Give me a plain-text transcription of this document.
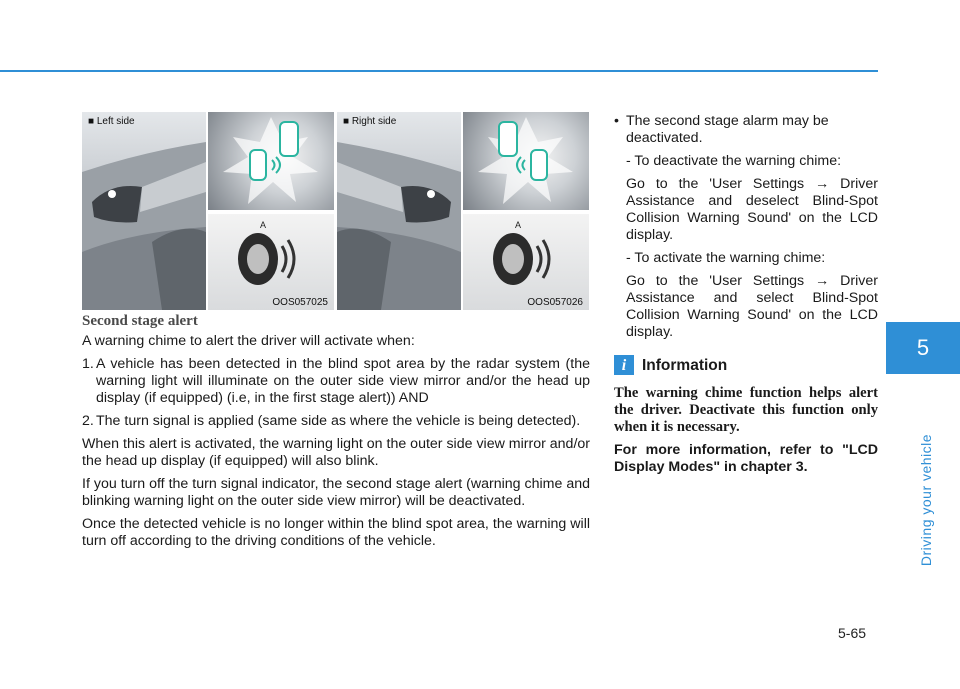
5
Driving your vehicle
■ Left side
A
OOS057025
■ Right side
A
OOS057026
Second stage alert

A warning chime to alert the driver will activate when:

1. A vehicle has been detected in the blind spot area by the radar system (the warning light will illuminate on the outer side view mirror and/or the head up display (if equipped) (i.e, in the first stage alert)) AND
2. The turn signal is applied (same side as where the vehicle is being detected).

When this alert is activated, the warning light on the outer side view mirror and/or the head up display (if equipped) will also blink.

If you turn off the turn signal indicator, the second stage alert (warning chime and blinking warning light on the outer side view mirror) will be deactivated.

Once the detected vehicle is no longer within the blind spot area, the warning will turn off according to the driving conditions of the vehicle.

• The second stage alarm may be deactivated.

- To deactivate the warning chime:

Go to the 'User Settings → Driver Assistance and deselect Blind-Spot Collision Warning Sound' on the LCD display.

- To activate the warning chime:

Go to the 'User Settings → Driver Assistance and select Blind-Spot Collision Warning Sound' on the LCD display.

i	Information

The warning chime function helps alert the driver. Deactivate this function only when it is necessary.

For more information, refer to "LCD Display Modes" in chapter 3.

5-65
